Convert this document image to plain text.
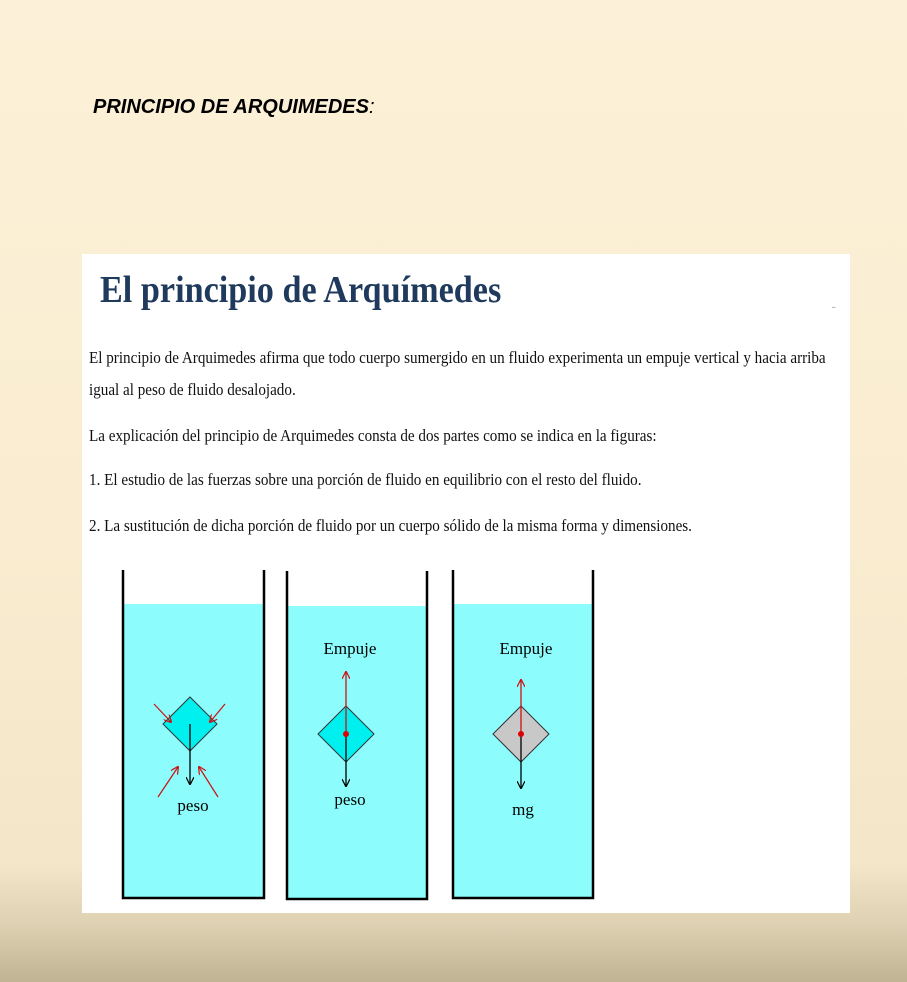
PRINCIPIO DE ARQUIMEDES:
El principio de Arquímedes	-

El principio de Arquimedes afirma que todo cuerpo sumergido en un fluido experimenta un empuje vertical y hacia arriba

igual al peso de fluido desalojado.

La explicación del principio de Arquimedes consta de dos partes como se indica en la figuras:

1. El estudio de las fuerzas sobre una porción de fluido en equilibrio con el resto del fluido.

2. La sustitución de dicha porción de fluido por un cuerpo sólido de la misma forma y dimensiones.

peso
Empuje
peso
Empuje
mg
